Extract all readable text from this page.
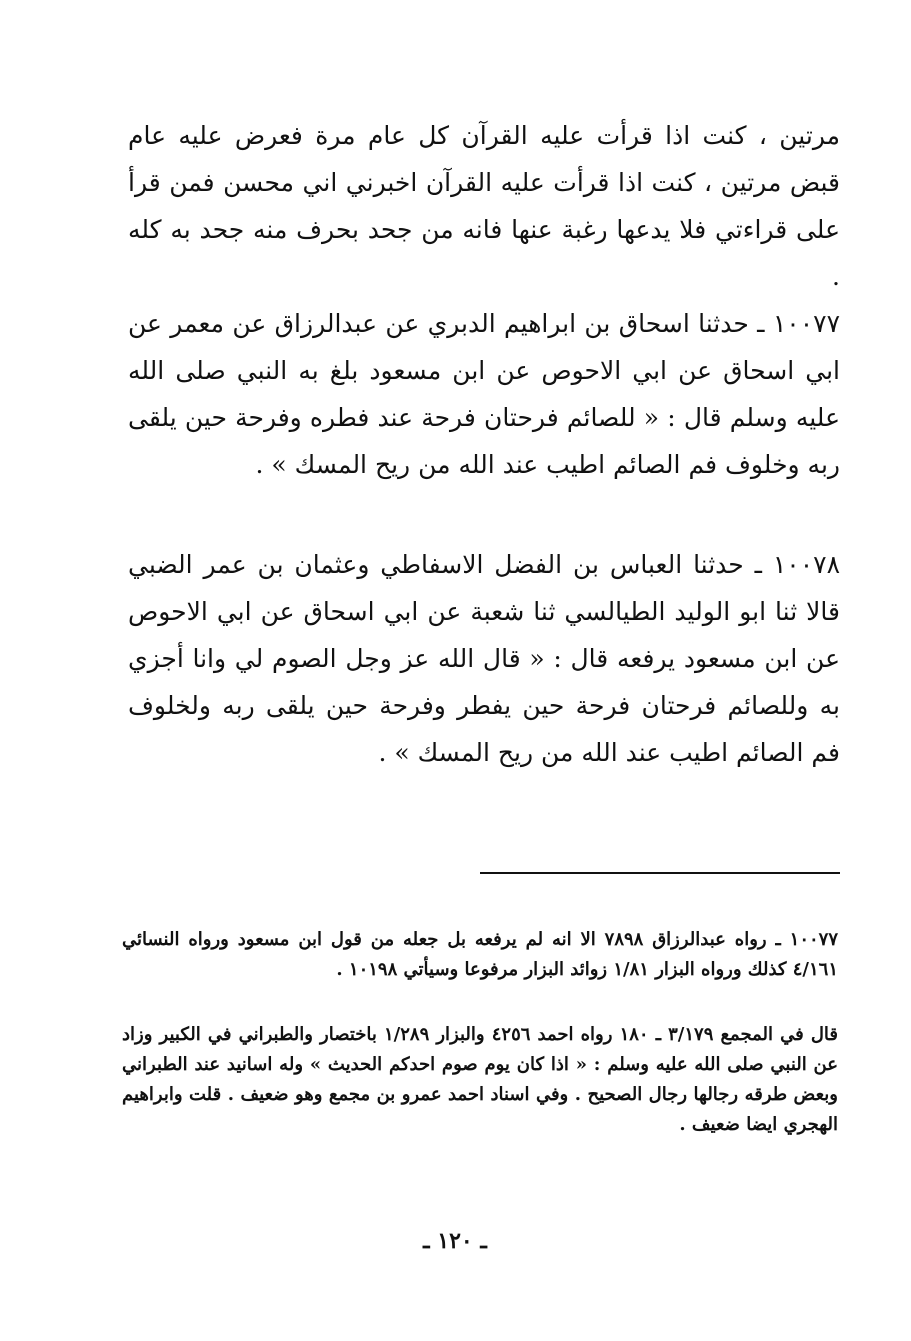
مرتين ، كنت اذا قرأت عليه القرآن كل عام مرة فعرض عليه عام قبض مرتين ، كنت اذا قرأت عليه القرآن اخبرني اني محسن فمن قرأ على قراءتي فلا يدعها رغبة عنها فانه من جحد بحرف منه جحد به كله .

١٠٠٧٧ ـ حدثنا اسحاق بن ابراهيم الدبري عن عبدالرزاق عن معمر عن ابي اسحاق عن ابي الاحوص عن ابن مسعود بلغ به النبي صلى الله عليه وسلم قال : « للصائم فرحتان فرحة عند فطره وفرحة حين يلقى ربه وخلوف فم الصائم اطيب عند الله من ريح المسك » .

١٠٠٧٨ ـ حدثنا العباس بن الفضل الاسفاطي وعثمان بن عمر الضبي قالا ثنا ابو الوليد الطيالسي ثنا شعبة عن ابي اسحاق عن ابي الاحوص عن ابن مسعود يرفعه قال : « قال الله عز وجل الصوم لي وانا أجزي به وللصائم فرحتان فرحة حين يفطر وفرحة حين يلقى ربه ولخلوف فم الصائم اطيب عند الله من ريح المسك » .

١٠٠٧٧ ـ رواه عبدالرزاق ٧٨٩٨ الا انه لم يرفعه بل جعله من قول ابن مسعود ورواه النسائي ٤/١٦١ كذلك ورواه البزار ١/٨١ زوائد البزار مرفوعا وسيأتي ١٠١٩٨ .

قال في المجمع ٣/١٧٩ ـ ١٨٠ رواه احمد ٤٢٥٦ والبزار ١/٢٨٩ باختصار والطبراني في الكبير وزاد عن النبي صلى الله عليه وسلم : « اذا كان يوم صوم احدكم الحديث » وله اسانيد عند الطبراني وبعض طرقه رجالها رجال الصحيح . وفي اسناد احمد عمرو بن مجمع وهو ضعيف . قلت وابراهيم الهجري ايضا ضعيف .

ـ ١٢٠ ـ
